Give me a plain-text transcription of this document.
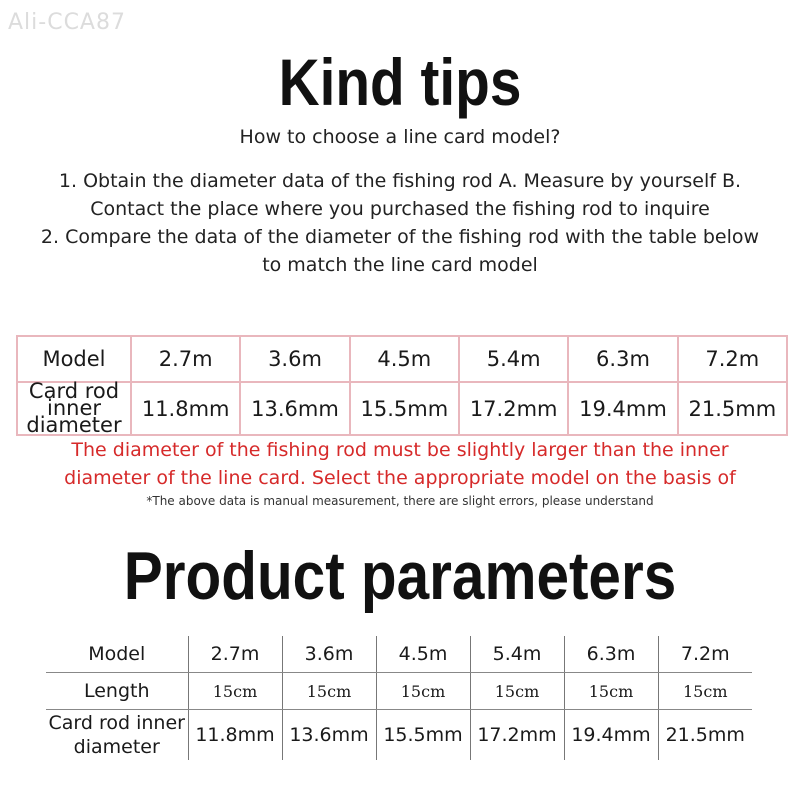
Ali-CCA87
Kind tips
How to choose a line card model?
1. Obtain the diameter data of the fishing rod A. Measure by yourself B.
Contact the place where you purchased the fishing rod to inquire
2. Compare the data of the diameter of the fishing rod with the table below
to match the line card model
Model	2.7m	3.6m	4.5m	5.4m	6.3m	7.2m

Card rod inner
diameter	11.8mm	13.6mm	15.5mm	17.2mm	19.4mm	21.5mm
The diameter of the fishing rod must be slightly larger than the inner
diameter of the line card. Select the appropriate model on the basis of
*The above data is manual measurement, there are slight errors, please understand
Product parameters
Model	2.7m	3.6m	4.5m	5.4m	6.3m	7.2m
Length	15cm	15cm	15cm	15cm	15cm	15cm

Card rod inner
diameter	11.8mm	13.6mm	15.5mm	17.2mm	19.4mm	21.5mm
